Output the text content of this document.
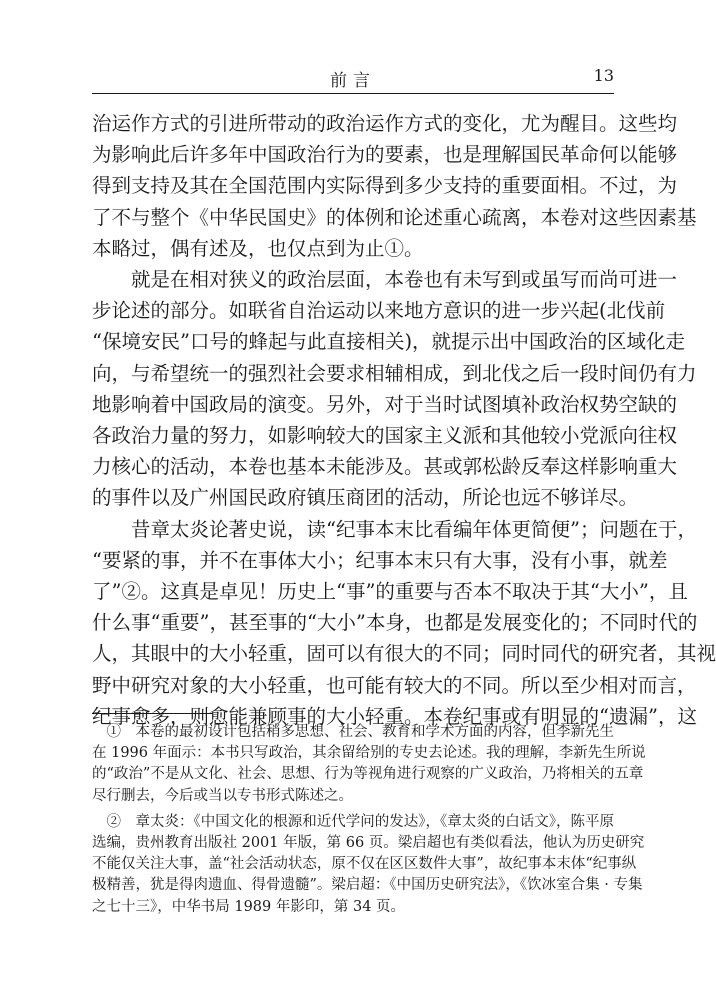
前言	13

治运作方式的引进所带动的政治运作方式的变化，尤为醒目。这些均
为影响此后许多年中国政治行为的要素，也是理解国民革命何以能够
得到支持及其在全国范围内实际得到多少支持的重要面相。不过，为
了不与整个《中华民国史》的体例和论述重心疏离，本卷对这些因素基
本略过，偶有述及，也仅点到为止①。

　　就是在相对狭义的政治层面，本卷也有未写到或虽写而尚可进一
步论述的部分。如联省自治运动以来地方意识的进一步兴起(北伐前
“保境安民”口号的蜂起与此直接相关)，就提示出中国政治的区域化走
向，与希望统一的强烈社会要求相辅相成，到北伐之后一段时间仍有力
地影响着中国政局的演变。另外，对于当时试图填补政治权势空缺的
各政治力量的努力，如影响较大的国家主义派和其他较小党派向往权
力核心的活动，本卷也基本未能涉及。甚或郭松龄反奉这样影响重大
的事件以及广州国民政府镇压商团的活动，所论也远不够详尽。

　　昔章太炎论著史说，读“纪事本末比看编年体更简便”；问题在于，
“要紧的事，并不在事体大小；纪事本末只有大事，没有小事，就差
了”②。这真是卓见！历史上“事”的重要与否本不取决于其“大小”，且
什么事“重要”，甚至事的“大小”本身，也都是发展变化的；不同时代的
人，其眼中的大小轻重，固可以有很大的不同；同时同代的研究者，其视
野中研究对象的大小轻重，也可能有较大的不同。所以至少相对而言，
纪事愈多，则愈能兼顾事的大小轻重。本卷纪事或有明显的“遗漏”，这

　①　本卷的最初设计包括稍多思想、社会、教育和学术方面的内容，但李新先生
在 1996 年面示：本书只写政治，其余留给别的专史去论述。我的理解，李新先生所说
的“政治”不是从文化、社会、思想、行为等视角进行观察的广义政治，乃将相关的五章
尽行删去，今后或当以专书形式陈述之。

　②　章太炎：《中国文化的根源和近代学问的发达》，《章太炎的白话文》，陈平原
选编，贵州教育出版社 2001 年版，第 66 页。梁启超也有类似看法，他认为历史研究
不能仅关注大事，盖“社会活动状态，原不仅在区区数件大事”，故纪事本末体“纪事纵
极精善，犹是得肉遗血、得骨遗髓”。梁启超：《中国历史研究法》，《饮冰室合集 · 专集
之七十三》，中华书局 1989 年影印，第 34 页。
